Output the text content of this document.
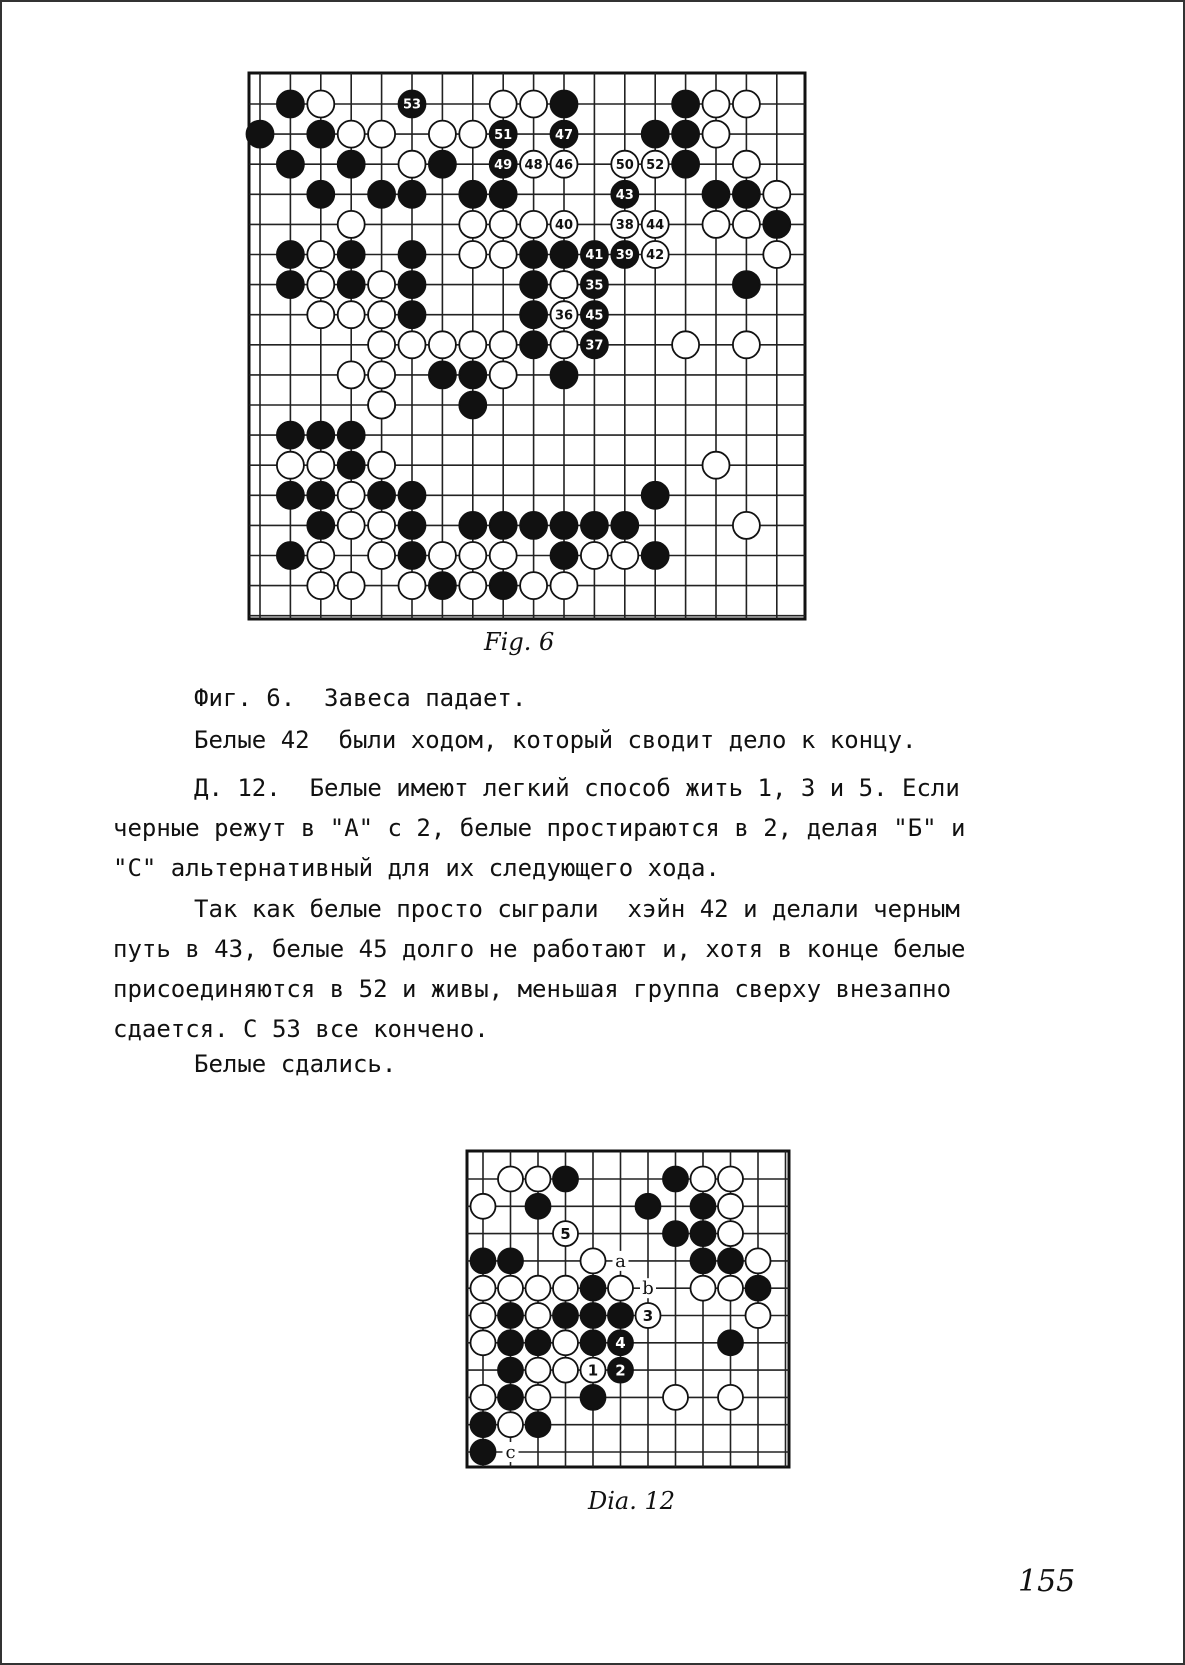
53
51	47
49 48 46	50 52
43
40	38 44
41 39 42
35
36 45
37
Fig. 6
Фиг. 6.  Завеса падает.
Белые 42  были ходом, который сводит дело к концу.
Д. 12.  Белые имеют легкий способ жить 1, 3 и 5. Если
черные режут в "А" с 2, белые простираются в 2, делая "Б" и
"С" альтернативный для их следующего хода.
Так как белые просто сыграли  хэйн 42 и делали черным
путь в 43, белые 45 долго не работают и, хотя в конце белые
присоединяются в 52 и живы, меньшая группа сверху внезапно
сдается. С 53 все кончено.
Белые сдались.
5
3
4
1 2
a
b
c
Dia. 12
155
